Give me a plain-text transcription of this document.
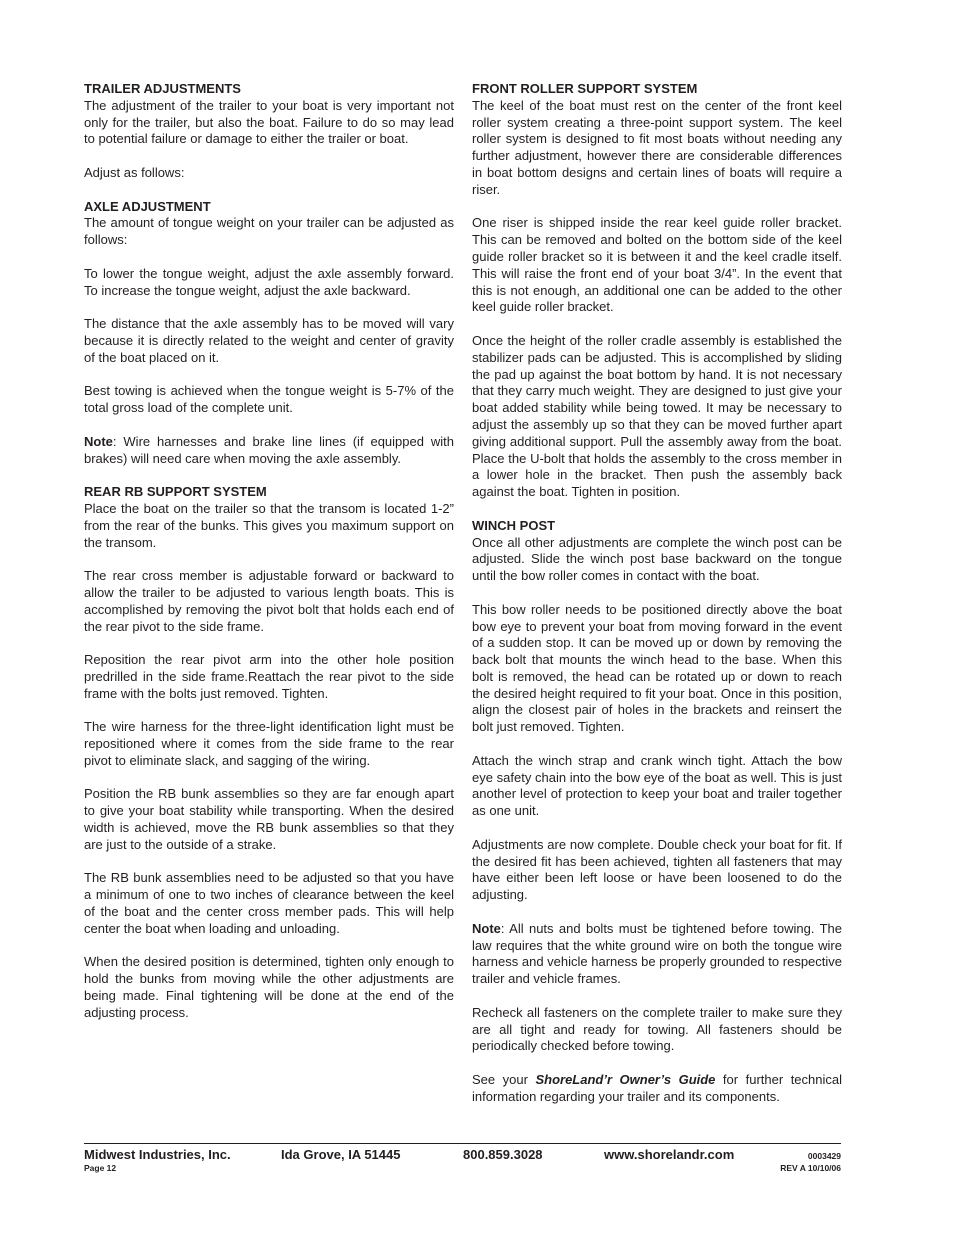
TRAILER ADJUSTMENTS

The adjustment of the trailer to your boat is very important not only for the trailer, but also the boat. Failure to do so may lead to potential failure or damage to either the trailer or boat.

Adjust as follows:

AXLE ADJUSTMENT

The amount of tongue weight on your trailer can be adjusted as follows:

To lower the tongue weight, adjust the axle assembly forward. To increase the tongue weight, adjust the axle backward.

The distance that the axle assembly has to be moved will vary because it is directly related to the weight and center of gravity of the boat placed on it.

Best towing is achieved when the tongue weight is 5-7% of the total gross load of the complete unit.

Note: Wire harnesses and brake line lines (if equipped with brakes) will need care when moving the axle assembly.

REAR RB SUPPORT SYSTEM

Place the boat on the trailer so that the transom is located 1-2” from the rear of the bunks. This gives you maximum support on the transom.

The rear cross member is adjustable forward or backward to allow the trailer to be adjusted to various length boats. This is accomplished by removing the pivot bolt that holds each end of the rear pivot to the side frame.

Reposition the rear pivot arm into the other hole position predrilled in the side frame.Reattach the rear pivot to the side frame with the bolts just removed. Tighten.

The wire harness for the three-light identification light must be repositioned where it comes from the side frame to the rear pivot to eliminate slack, and sagging of the wiring.

Position the RB bunk assemblies so they are far enough apart to give your boat stability while transporting. When the desired width is achieved, move the RB bunk assemblies so that they are just to the outside of a strake.

The RB bunk assemblies need to be adjusted so that you have a minimum of one to two inches of clearance between the keel of the boat and the center cross member pads. This will help center the boat when loading and unloading.

When the desired position is determined, tighten only enough to hold the bunks from moving while the other adjustments are being made. Final tightening will be done at the end of the adjusting process.

FRONT ROLLER SUPPORT SYSTEM

The keel of the boat must rest on the center of the front keel roller system creating a three-point support system. The keel roller system is designed to fit most boats without needing any further adjustment, however there are considerable differences in boat bottom designs and certain lines of boats will require a riser.

One riser is shipped inside the rear keel guide roller bracket. This can be removed and bolted on the bottom side of the keel guide roller bracket so it is between it and the keel cradle itself. This will raise the front end of your boat 3/4”. In the event that this is not enough, an additional one can be added to the other keel guide roller bracket.

Once the height of the roller cradle assembly is established the stabilizer pads can be adjusted. This is accomplished by sliding the pad up against the boat bottom by hand. It is not necessary that they carry much weight. They are designed to just give your boat added stability while being towed. It may be necessary to adjust the assembly up so that they can be moved further apart giving additional support. Pull the assembly away from the boat. Place the U-bolt that holds the assembly to the cross member in a lower hole in the bracket. Then push the assembly back against the boat. Tighten in position.

WINCH POST

Once all other adjustments are complete the winch post can be adjusted. Slide the winch post base backward on the tongue until the bow roller comes in contact with the boat.

This bow roller needs to be positioned directly above the boat bow eye to prevent your boat from moving forward in the event of a sudden stop. It can be moved up or down by removing the back bolt that mounts the winch head to the base. When this bolt is removed, the head can be rotated up or down to reach the desired height required to fit your boat. Once in this position, align the closest pair of holes in the brackets and reinsert the bolt just removed. Tighten.

Attach the winch strap and crank winch tight. Attach the bow eye safety chain into the bow eye of the boat as well. This is just another level of protection to keep your boat and trailer together as one unit.

Adjustments are now complete. Double check your boat for fit. If the desired fit has been achieved, tighten all fasteners that may have either been left loose or have been loosened to do the adjusting.

Note: All nuts and bolts must be tightened before towing. The law requires that the white ground wire on both the tongue wire harness and vehicle harness be properly grounded to respective trailer and vehicle frames.

Recheck all fasteners on the complete trailer to make sure they are all tight and ready for towing. All fasteners should be periodically checked before towing.

See your ShoreLand’r Owner’s Guide for further technical information regarding your trailer and its components.

Midwest Industries, Inc.	Ida Grove, IA 51445	800.859.3028	www.shorelandr.com
Page 12
0003429
REV A 10/10/06
